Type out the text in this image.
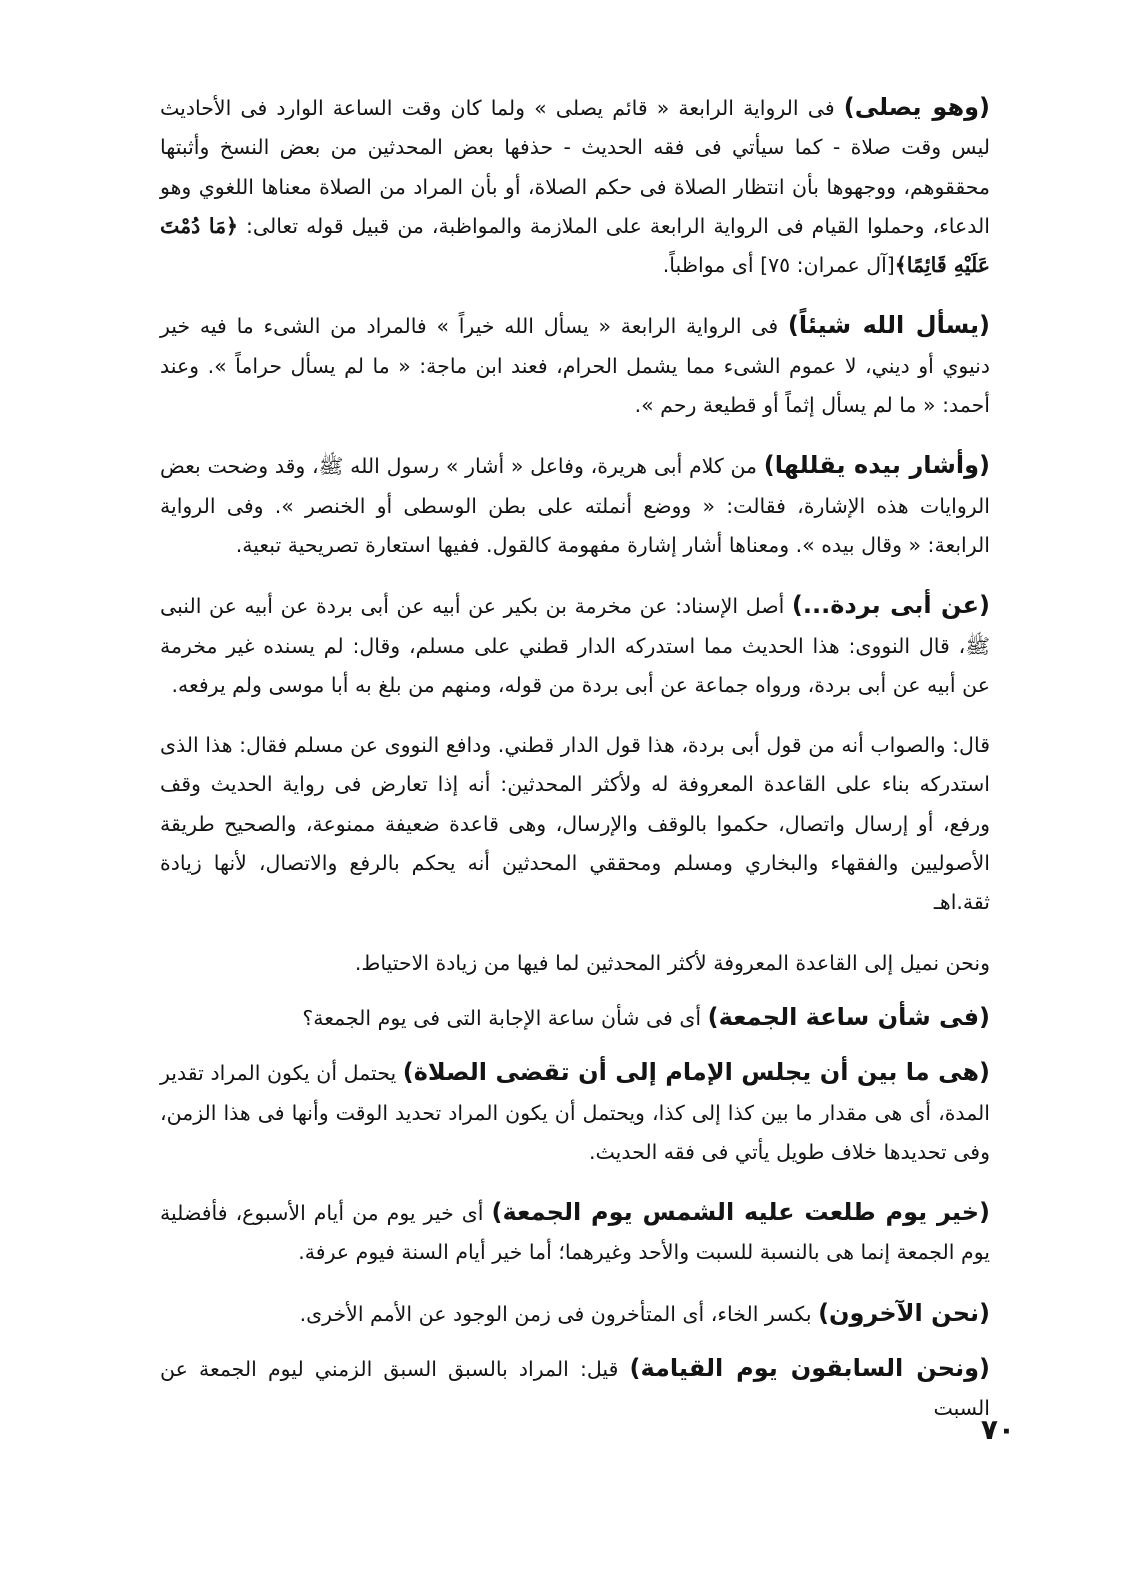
(وهو يصلى) فى الرواية الرابعة « قائم يصلى » ولما كان وقت الساعة الوارد فى الأحاديث ليس وقت صلاة - كما سيأتي فى فقه الحديث - حذفها بعض المحدثين من بعض النسخ وأثبتها محققوهم، ووجهوها بأن انتظار الصلاة فى حكم الصلاة، أو بأن المراد من الصلاة معناها اللغوي وهو الدعاء، وحملوا القيام فى الرواية الرابعة على الملازمة والمواظبة، من قبيل قوله تعالى: ﴿مَا دُمْتَ عَلَيْهِ قَائِمًا﴾[آل عمران: ٧٥] أى مواظباً.

(يسأل الله شيئاً) فى الرواية الرابعة « يسأل الله خيراً » فالمراد من الشىء ما فيه خير دنيوي أو ديني، لا عموم الشىء مما يشمل الحرام، فعند ابن ماجة: « ما لم يسأل حراماً ». وعند أحمد: « ما لم يسأل إثماً أو قطيعة رحم ».

(وأشار بيده يقللها) من كلام أبى هريرة، وفاعل « أشار » رسول الله ﷺ، وقد وضحت بعض الروايات هذه الإشارة، فقالت: « ووضع أنملته على بطن الوسطى أو الخنصر ». وفى الرواية الرابعة: « وقال بيده ». ومعناها أشار إشارة مفهومة كالقول. ففيها استعارة تصريحية تبعية.

(عن أبى بردة...) أصل الإسناد: عن مخرمة بن بكير عن أبيه عن أبى بردة عن أبيه عن النبى ﷺ، قال النووى: هذا الحديث مما استدركه الدار قطني على مسلم، وقال: لم يسنده غير مخرمة عن أبيه عن أبى بردة، ورواه جماعة عن أبى بردة من قوله، ومنهم من بلغ به أبا موسى ولم يرفعه.

قال: والصواب أنه من قول أبى بردة، هذا قول الدار قطني. ودافع النووى عن مسلم فقال: هذا الذى استدركه بناء على القاعدة المعروفة له ولأكثر المحدثين: أنه إذا تعارض فى رواية الحديث وقف ورفع، أو إرسال واتصال، حكموا بالوقف والإرسال، وهى قاعدة ضعيفة ممنوعة، والصحيح طريقة الأصوليين والفقهاء والبخاري ومسلم ومحققي المحدثين أنه يحكم بالرفع والاتصال، لأنها زيادة ثقة.اهـ

ونحن نميل إلى القاعدة المعروفة لأكثر المحدثين لما فيها من زيادة الاحتياط.

(فى شأن ساعة الجمعة) أى فى شأن ساعة الإجابة التى فى يوم الجمعة؟

(هى ما بين أن يجلس الإمام إلى أن تقضى الصلاة) يحتمل أن يكون المراد تقدير المدة، أى هى مقدار ما بين كذا إلى كذا، ويحتمل أن يكون المراد تحديد الوقت وأنها فى هذا الزمن، وفى تحديدها خلاف طويل يأتي فى فقه الحديث.

(خير يوم طلعت عليه الشمس يوم الجمعة) أى خير يوم من أيام الأسبوع، فأفضلية يوم الجمعة إنما هى بالنسبة للسبت والأحد وغيرهما؛ أما خير أيام السنة فيوم عرفة.

(نحن الآخرون) بكسر الخاء، أى المتأخرون فى زمن الوجود عن الأمم الأخرى.

(ونحن السابقون يوم القيامة) قيل: المراد بالسبق السبق الزمني ليوم الجمعة عن السبت

٧٠
